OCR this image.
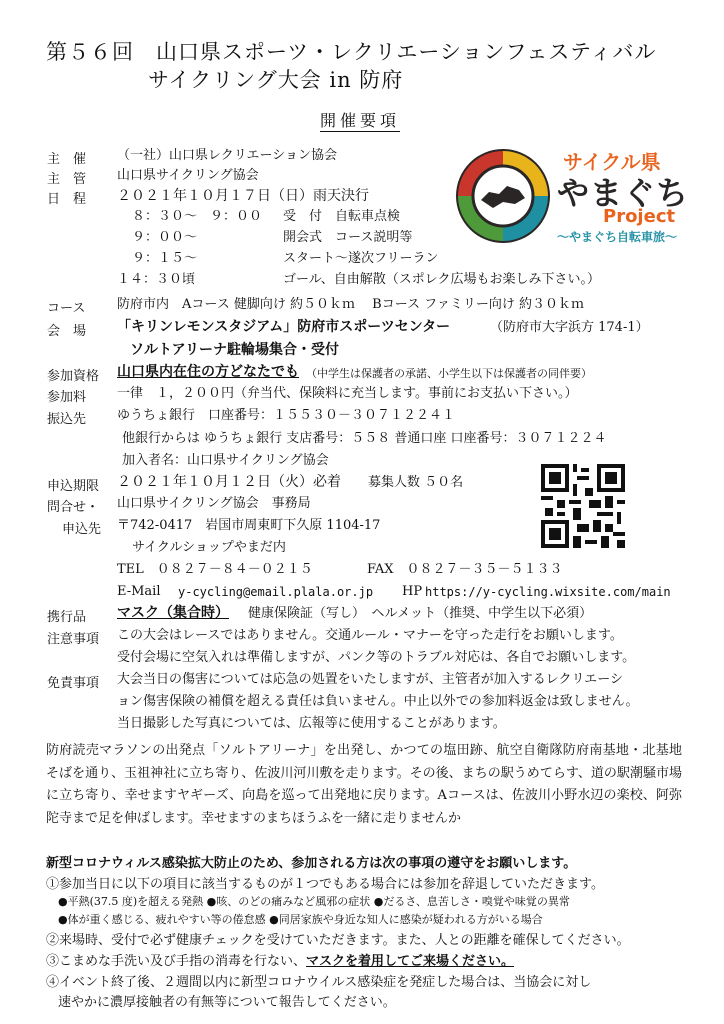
第５６回　山口県スポーツ・レクリエーションフェスティバル
サイクリング大会 in 防府
開催要項
サイクル県
やまぐち
Project
～やまぐち自転車旅～
主　催 （一社）山口県レクリエーション協会
主　管 山口県サイクリング協会
日　程 ２０２１年１０月１７日（日）雨天決行
８：３０～　９：００ 受　付　自転車点検
９：００～	開会式　コース説明等
９：１５～	スタート～遂次フリーラン
１４：３０頃	ゴール、自由解散（スポレク広場もお楽しみ下さい。）
コース 防府市内　Aコース 健脚向け 約５０ｋｍ　 Bコース ファミリー向け 約３０ｋｍ
会　場 「キリンレモンスタジアム」防府市スポーツセンター	（防府市大字浜方 174-1）
ソルトアリーナ駐輪場集合・受付
参加資格 山口県内在住の方どなたでも （中学生は保護者の承諾、小学生以下は保護者の同伴要）
参加料 一律　１，２００円（弁当代、保険料に充当します。事前にお支払い下さい。）
振込先 ゆうちょ銀行　口座番号：１５５３０－３０７１２２４１
他銀行からは ゆうちょ銀行 支店番号：５５８ 普通口座 口座番号：３０７１２２４
加入者名：山口県サイクリング協会
申込期限 ２０２１年１０月１２日（火）必着 募集人数 ５０名
問合せ・
申込先
山口県サイクリング協会　事務局
〒742-0417　岩国市周東町下久原 1104-17
サイクルショップやまだ内
TEL　０８２７－８４－０２１５	FAX　０８２７－３５－５１３３
E-Mail y-cycling@email.plala.or.jp HP https://y-cycling.wixsite.com/main
携行品 マスク（集合時） 健康保険証（写し）　ヘルメット（推奨、中学生以下必須）
注意事項 この大会はレースではありません。交通ルール・マナーを守った走行をお願いします。
受付会場に空気入れは準備しますが、パンク等のトラブル対応は、各自でお願いします。
免責事項 大会当日の傷害については応急の処置をいたしますが、主管者が加入するレクリエーシ
ョン傷害保険の補償を超える責任は負いません。中止以外での参加料返金は致しません。
当日撮影した写真については、広報等に使用することがあります。
防府読売マラソンの出発点「ソルトアリーナ」を出発し、かつての塩田跡、航空自衛隊防府南基地・北基地そばを通り、玉祖神社に立ち寄り、佐波川河川敷を走ります。その後、まちの駅うめてらす、道の駅潮騒市場に立ち寄り、幸せますヤギーズ、向島を巡って出発地に戻ります。Aコースは、佐波川小野水辺の楽校、阿弥陀寺まで足を伸ばします。幸せますのまちほうふを一緒に走りませんか
新型コロナウィルス感染拡大防止のため、参加される方は次の事項の遵守をお願いします。
①参加当日に以下の項目に該当するものが１つでもある場合には参加を辞退していただきます。
●平熱(37.5 度)を超える発熱 ●咳、のどの痛みなど風邪の症状 ●だるさ、息苦しさ・嗅覚や味覚の異常
●体が重く感じる、疲れやすい等の倦怠感 ●同居家族や身近な知人に感染が疑われる方がいる場合
②来場時、受付で必ず健康チェックを受けていただきます。また、人との距離を確保してください。
③こまめな手洗い及び手指の消毒を行ない、マスクを着用してご来場ください。
④イベント終了後、２週間以内に新型コロナウイルス感染症を発症した場合は、当協会に対し
速やかに濃厚接触者の有無等について報告してください。
